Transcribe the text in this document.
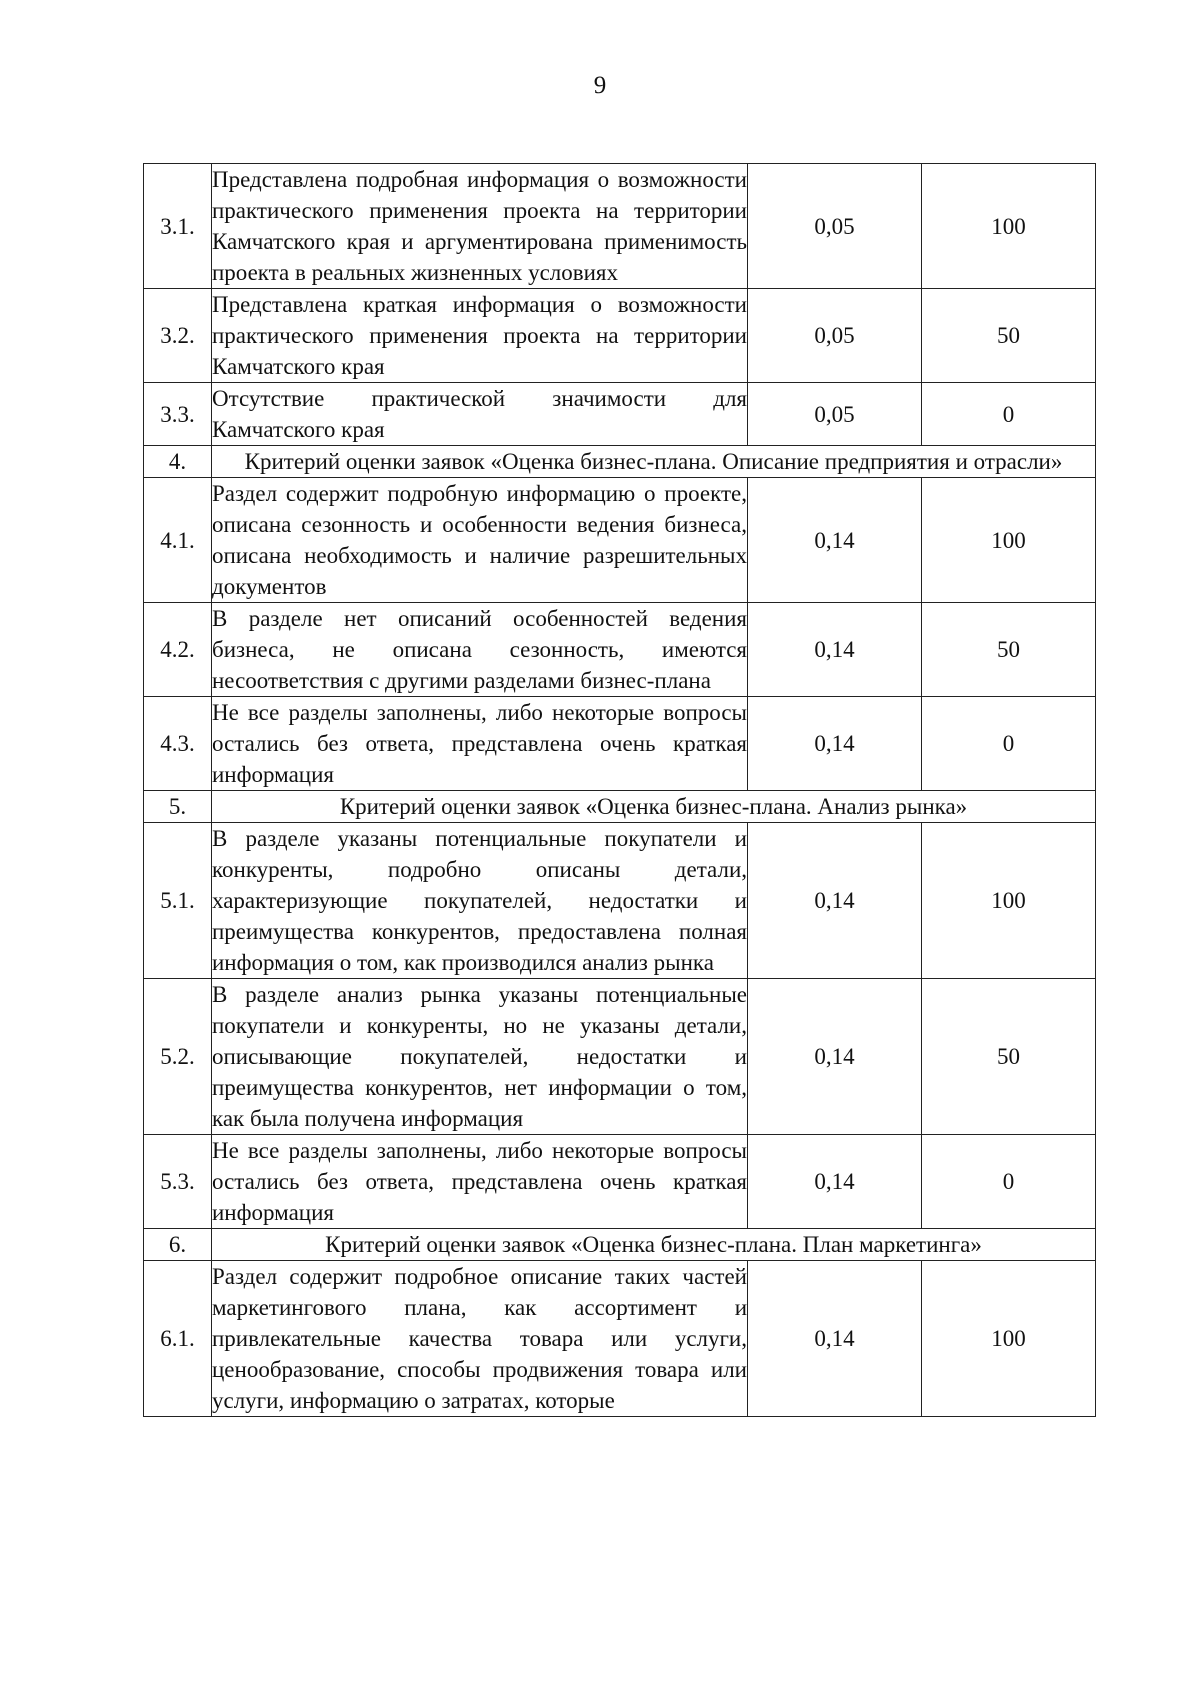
9
3.1.	Представлена подробная информация о возможности практического применения проекта на территории Камчатского края и аргументирована применимость проекта в реальных жизненных условиях	0,05	100
3.2.	Представлена краткая информация о возможности практического применения проекта на территории Камчатского края	0,05	50
3.3.	Отсутствие практической значимости для Камчатского края	0,05	0
4.	Критерий оценки заявок «Оценка бизнес-плана. Описание предприятия и отрасли»		
4.1.	Раздел содержит подробную информацию о проекте, описана сезонность и особенности ведения бизнеса, описана необходимость и наличие разрешительных документов	0,14	100
4.2.	В разделе нет описаний особенностей ведения бизнеса, не описана сезонность, имеются несоответствия с другими разделами бизнес-плана	0,14	50
4.3.	Не все разделы заполнены, либо некоторые вопросы остались без ответа, представлена очень краткая информация	0,14	0
5.	Критерий оценки заявок «Оценка бизнес-плана. Анализ рынка»		
5.1.	В разделе указаны потенциальные покупатели и конкуренты, подробно описаны детали, характеризующие покупателей, недостатки и преимущества конкурентов, предоставлена полная информация о том, как производился анализ рынка	0,14	100
5.2.	В разделе анализ рынка указаны потенциальные покупатели и конкуренты, но не указаны детали, описывающие покупателей, недостатки и преимущества конкурентов, нет информации о том, как была получена информация	0,14	50
5.3.	Не все разделы заполнены, либо некоторые вопросы остались без ответа, представлена очень краткая информация	0,14	0
6.	Критерий оценки заявок «Оценка бизнес-плана. План маркетинга»		
6.1.	Раздел содержит подробное описание таких частей маркетингового плана, как ассортимент и привлекательные качества товара или услуги, ценообразование, способы продвижения товара или услуги, информацию о затратах, которые	0,14	100
